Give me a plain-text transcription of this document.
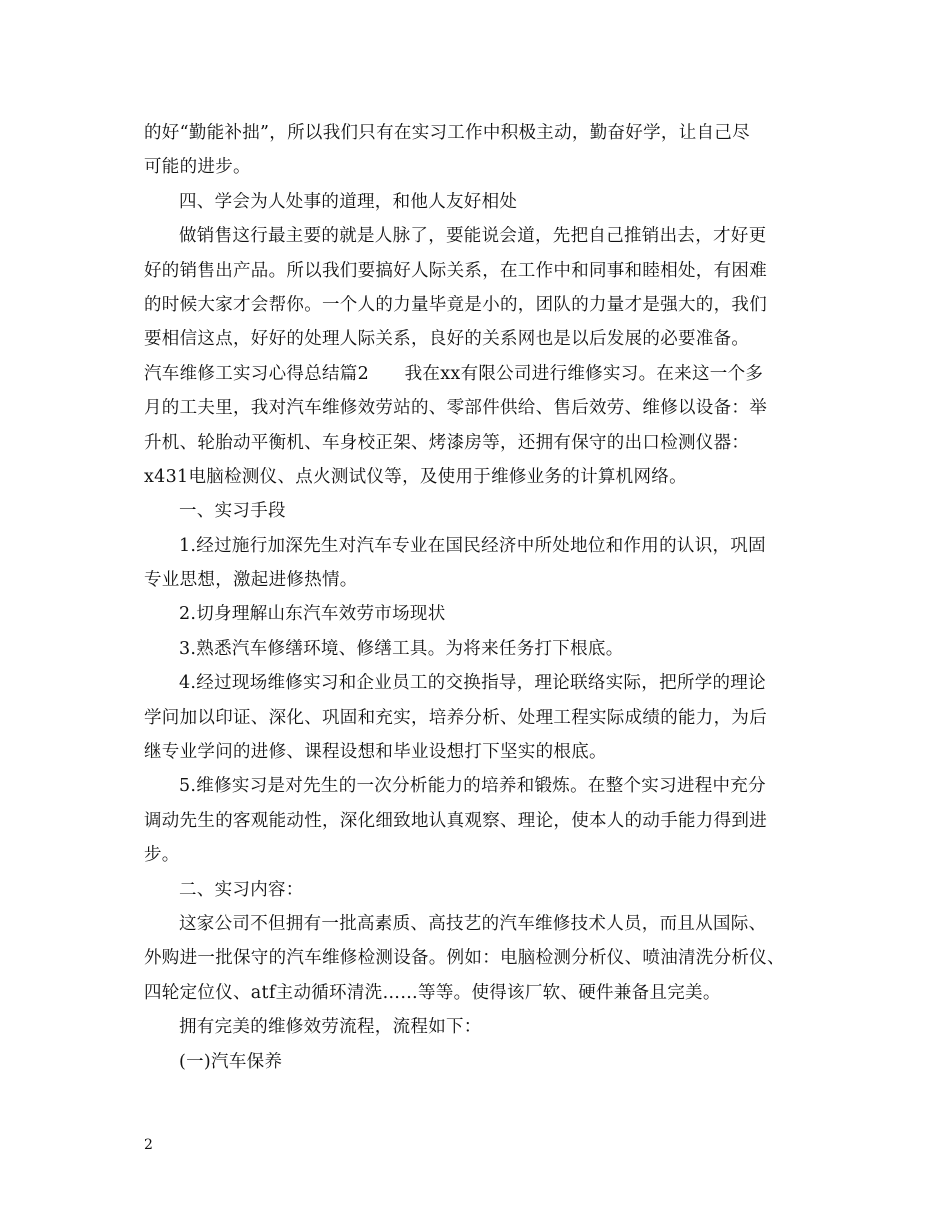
的好“勤能补拙”，所以我们只有在实习工作中积极主动，勤奋好学，让自己尽
可能的进步。
四、学会为人处事的道理，和他人友好相处
做销售这行最主要的就是人脉了，要能说会道，先把自己推销出去，才好更
好的销售出产品。所以我们要搞好人际关系，在工作中和同事和睦相处，有困难
的时候大家才会帮你。一个人的力量毕竟是小的，团队的力量才是强大的，我们
要相信这点，好好的处理人际关系，良好的关系网也是以后发展的必要准备。
汽车维修工实习心得总结篇2　　我在xx有限公司进行维修实习。在来这一个多
月的工夫里，我对汽车维修效劳站的、零部件供给、售后效劳、维修以设备：举
升机、轮胎动平衡机、车身校正架、烤漆房等，还拥有保守的出口检测仪器：
x431电脑检测仪、点火测试仪等，及使用于维修业务的计算机网络。
一、实习手段
1.经过施行加深先生对汽车专业在国民经济中所处地位和作用的认识，巩固
专业思想，激起进修热情。
2.切身理解山东汽车效劳市场现状
3.熟悉汽车修缮环境、修缮工具。为将来任务打下根底。
4.经过现场维修实习和企业员工的交换指导，理论联络实际，把所学的理论
学问加以印证、深化、巩固和充实，培养分析、处理工程实际成绩的能力，为后
继专业学问的进修、课程设想和毕业设想打下坚实的根底。
5.维修实习是对先生的一次分析能力的培养和锻炼。在整个实习进程中充分
调动先生的客观能动性，深化细致地认真观察、理论，使本人的动手能力得到进
步。
二、实习内容：
这家公司不但拥有一批高素质、高技艺的汽车维修技术人员，而且从国际、
外购进一批保守的汽车维修检测设备。例如：电脑检测分析仪、喷油清洗分析仪、
四轮定位仪、atf主动循环清洗……等等。使得该厂软、硬件兼备且完美。
拥有完美的维修效劳流程，流程如下：
(一)汽车保养
2
